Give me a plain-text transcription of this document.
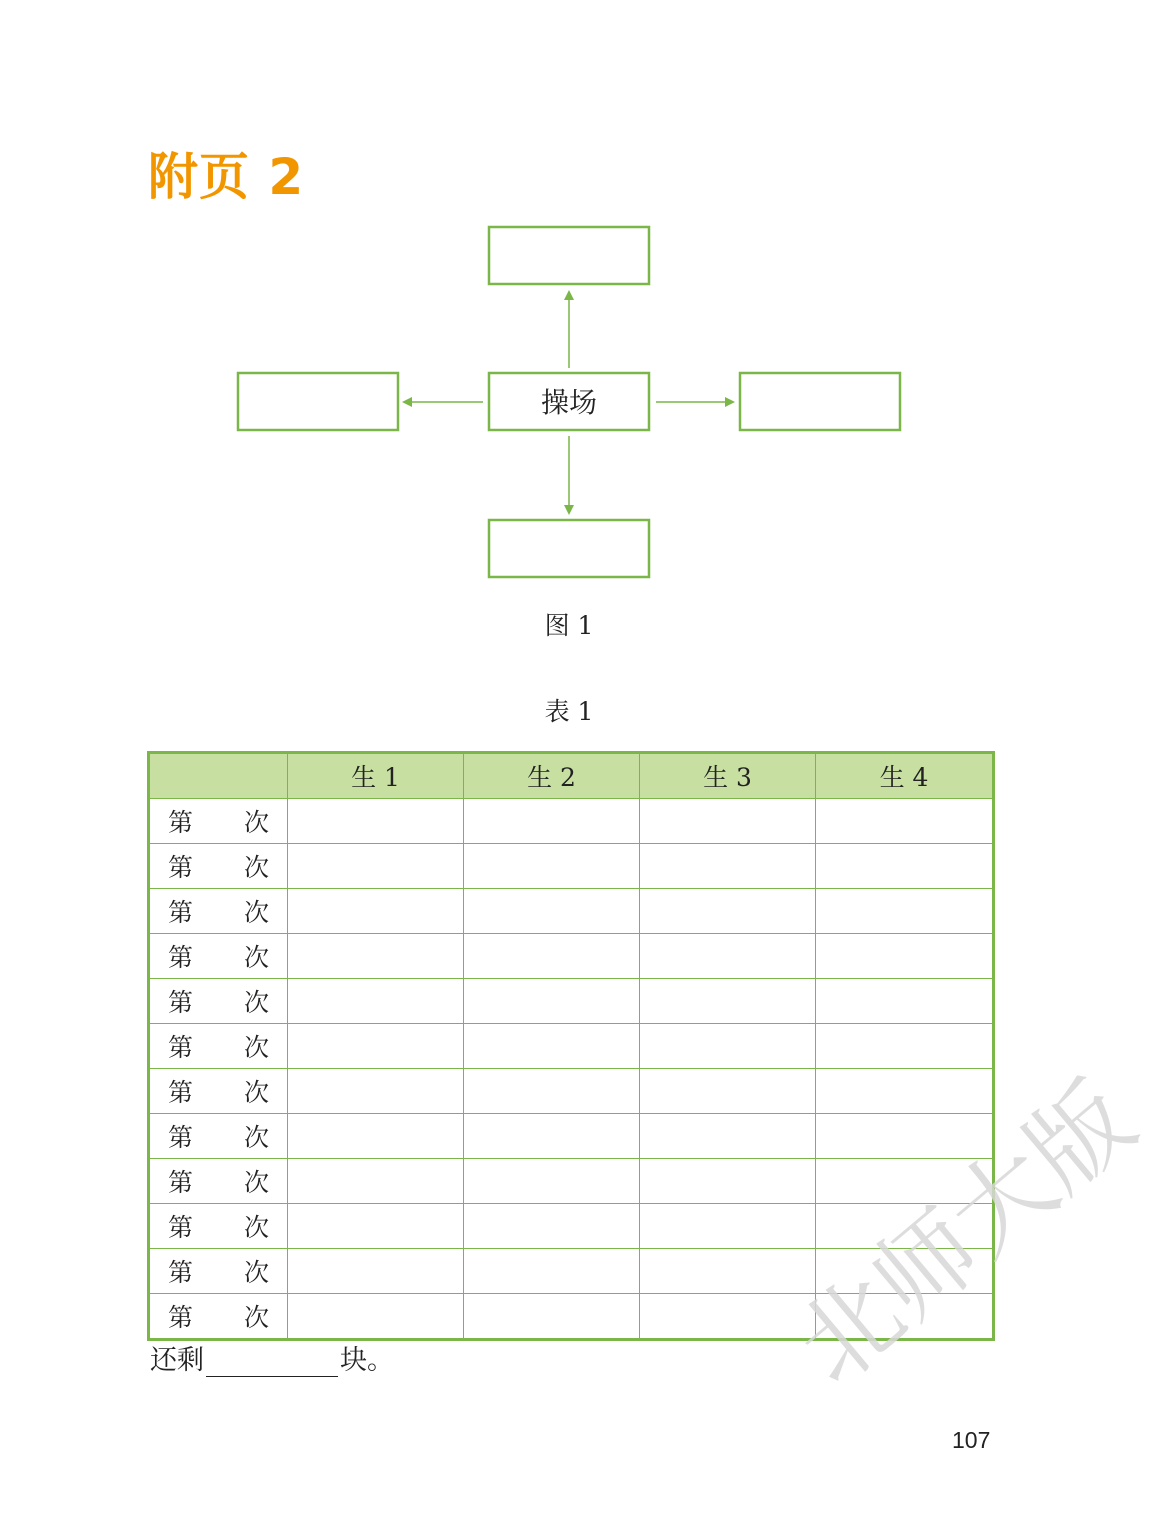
附页 2
操场
图 1
表 1
	生 1	生 2	生 3	生 4

第 次				

第 次				

第 次				

第 次				

第 次				

第 次				

第 次				

第 次				

第 次				

第 次				

第 次				

第 次				

还剩	块。	北师大版
107
